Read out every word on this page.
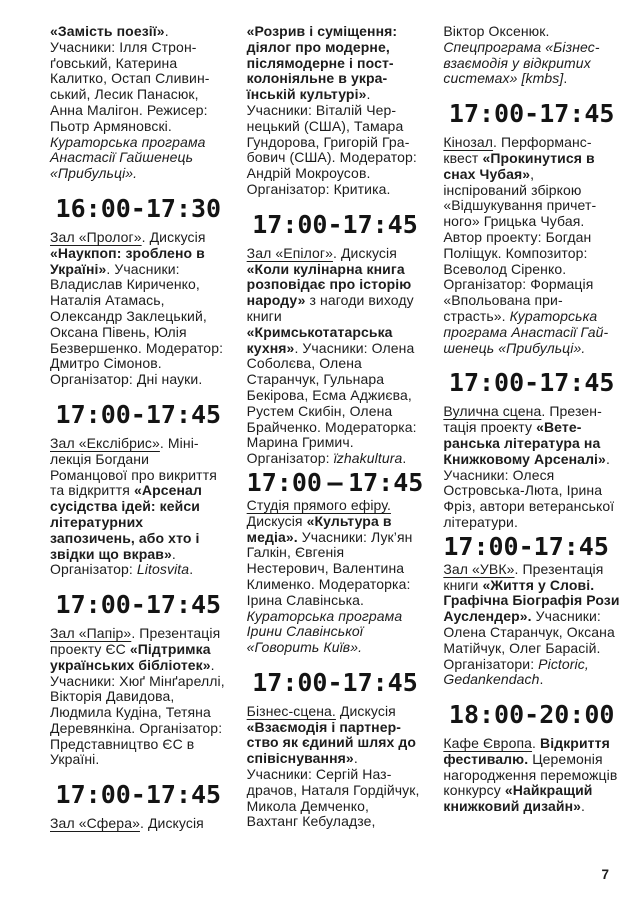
«Замість поезії». Учасники: Ілля Стронґовський, Катерина Калитко, Остап Сливинський, Лесик Панасюк, Анна Малігон. Режисер: Пьотр Армяновскі. Кураторська програма Анастасії Гайшенець «Прибульці».

16:00-17:30

Зал «Пролог». Дискусія «Наукпоп: зроблено в Україні». Учасники: Владислав Кириченко, Наталія Атамась, Олександр Заклецький, Оксана Півень, Юлія Безвершенко. Модератор: Дмитро Сімонов. Організатор: Дні науки.

17:00-17:45

Зал «Екслібрис». Міні-лекція Богдани Романцової про викриття та відкриття «Арсенал сусідства ідей: кейси літературних запозичень, або хто і звідки що вкрав». Організатор: Litosvita.

17:00-17:45

Зал «Папір». Презентація проекту ЄС «Підтримка українських бібліотек». Учасники: Хюґ Мінґареллі, Вікторія Давидова, Людмила Кудіна, Тетяна Деревянкіна. Організатор: Представництво ЄС в Україні.

17:00-17:45

Зал «Сфера». Дискусія

«Розрив і суміщення: діялог про модерне, післямодерне і постколоніяльне в українській культурі». Учасники: Віталій Чернецький (США), Тамара Гундорова, Григорій Грабович (США). Модератор: Андрій Мокроусов. Організатор: Критика.

17:00-17:45

Зал «Епілог». Дискусія «Коли кулінарна книга розповідає про історію народу» з нагоди виходу книги «Кримськотатарська кухня». Учасники: Олена Соболєва, Олена Старанчук, Гульнара Бекірова, Есма Аджиєва, Рустем Скибін, Олена Брайченко. Модераторка: Марина Гримич. Організатор: їzhakultura.

17:00 — 17:45

Студія прямого ефіру. Дискусія «Культура в медіа». Учасники: Лук’ян Галкін, Євгенія Нестерович, Валентина Клименко. Модераторка: Ірина Славінська. Кураторська програма Ірини Славінської «Говорить Київ».

17:00-17:45

Бізнес-сцена. Дискусія «Взаємодія і партнерство як єдиний шлях до співіснування». Учасники: Сергій Наздрачов, Наталя Гордійчук, Микола Демченко, Вахтанг Кебуладзе,

Віктор Оксенюк. Спецпрограма «Бізнес-взаємодія у відкритих системах» [kmbs].

17:00-17:45

Кінозал. Перформанс-квест «Прокинутися в снах Чубая», інспірований збіркою «Відшукування причетного» Грицька Чубая. Автор проекту: Богдан Поліщук. Композитор: Всеволод Сіренко. Організатор: Формація «Впольована пристрасть». Кураторська програма Анастасії Гайшенець «Прибульці».

17:00-17:45

Вулична сцена. Презентація проекту «Ветеранська література на Книжковому Арсеналі». Учасники: Олеся Островська-Люта, Ірина Фріз, автори ветеранської літератури.

17:00-17:45

Зал «УВК». Презентація книги «Життя у Слові. Графічна Біографія Рози Ауслендер». Учасники: Олена Старанчук, Оксана Матійчук, Олег Барасій. Організатори: Pictoric, Gedankendach.

18:00-20:00

Кафе Європа. Відкриття фестивалю. Церемонія нагородження переможців конкурсу «Найкращий книжковий дизайн».

7
